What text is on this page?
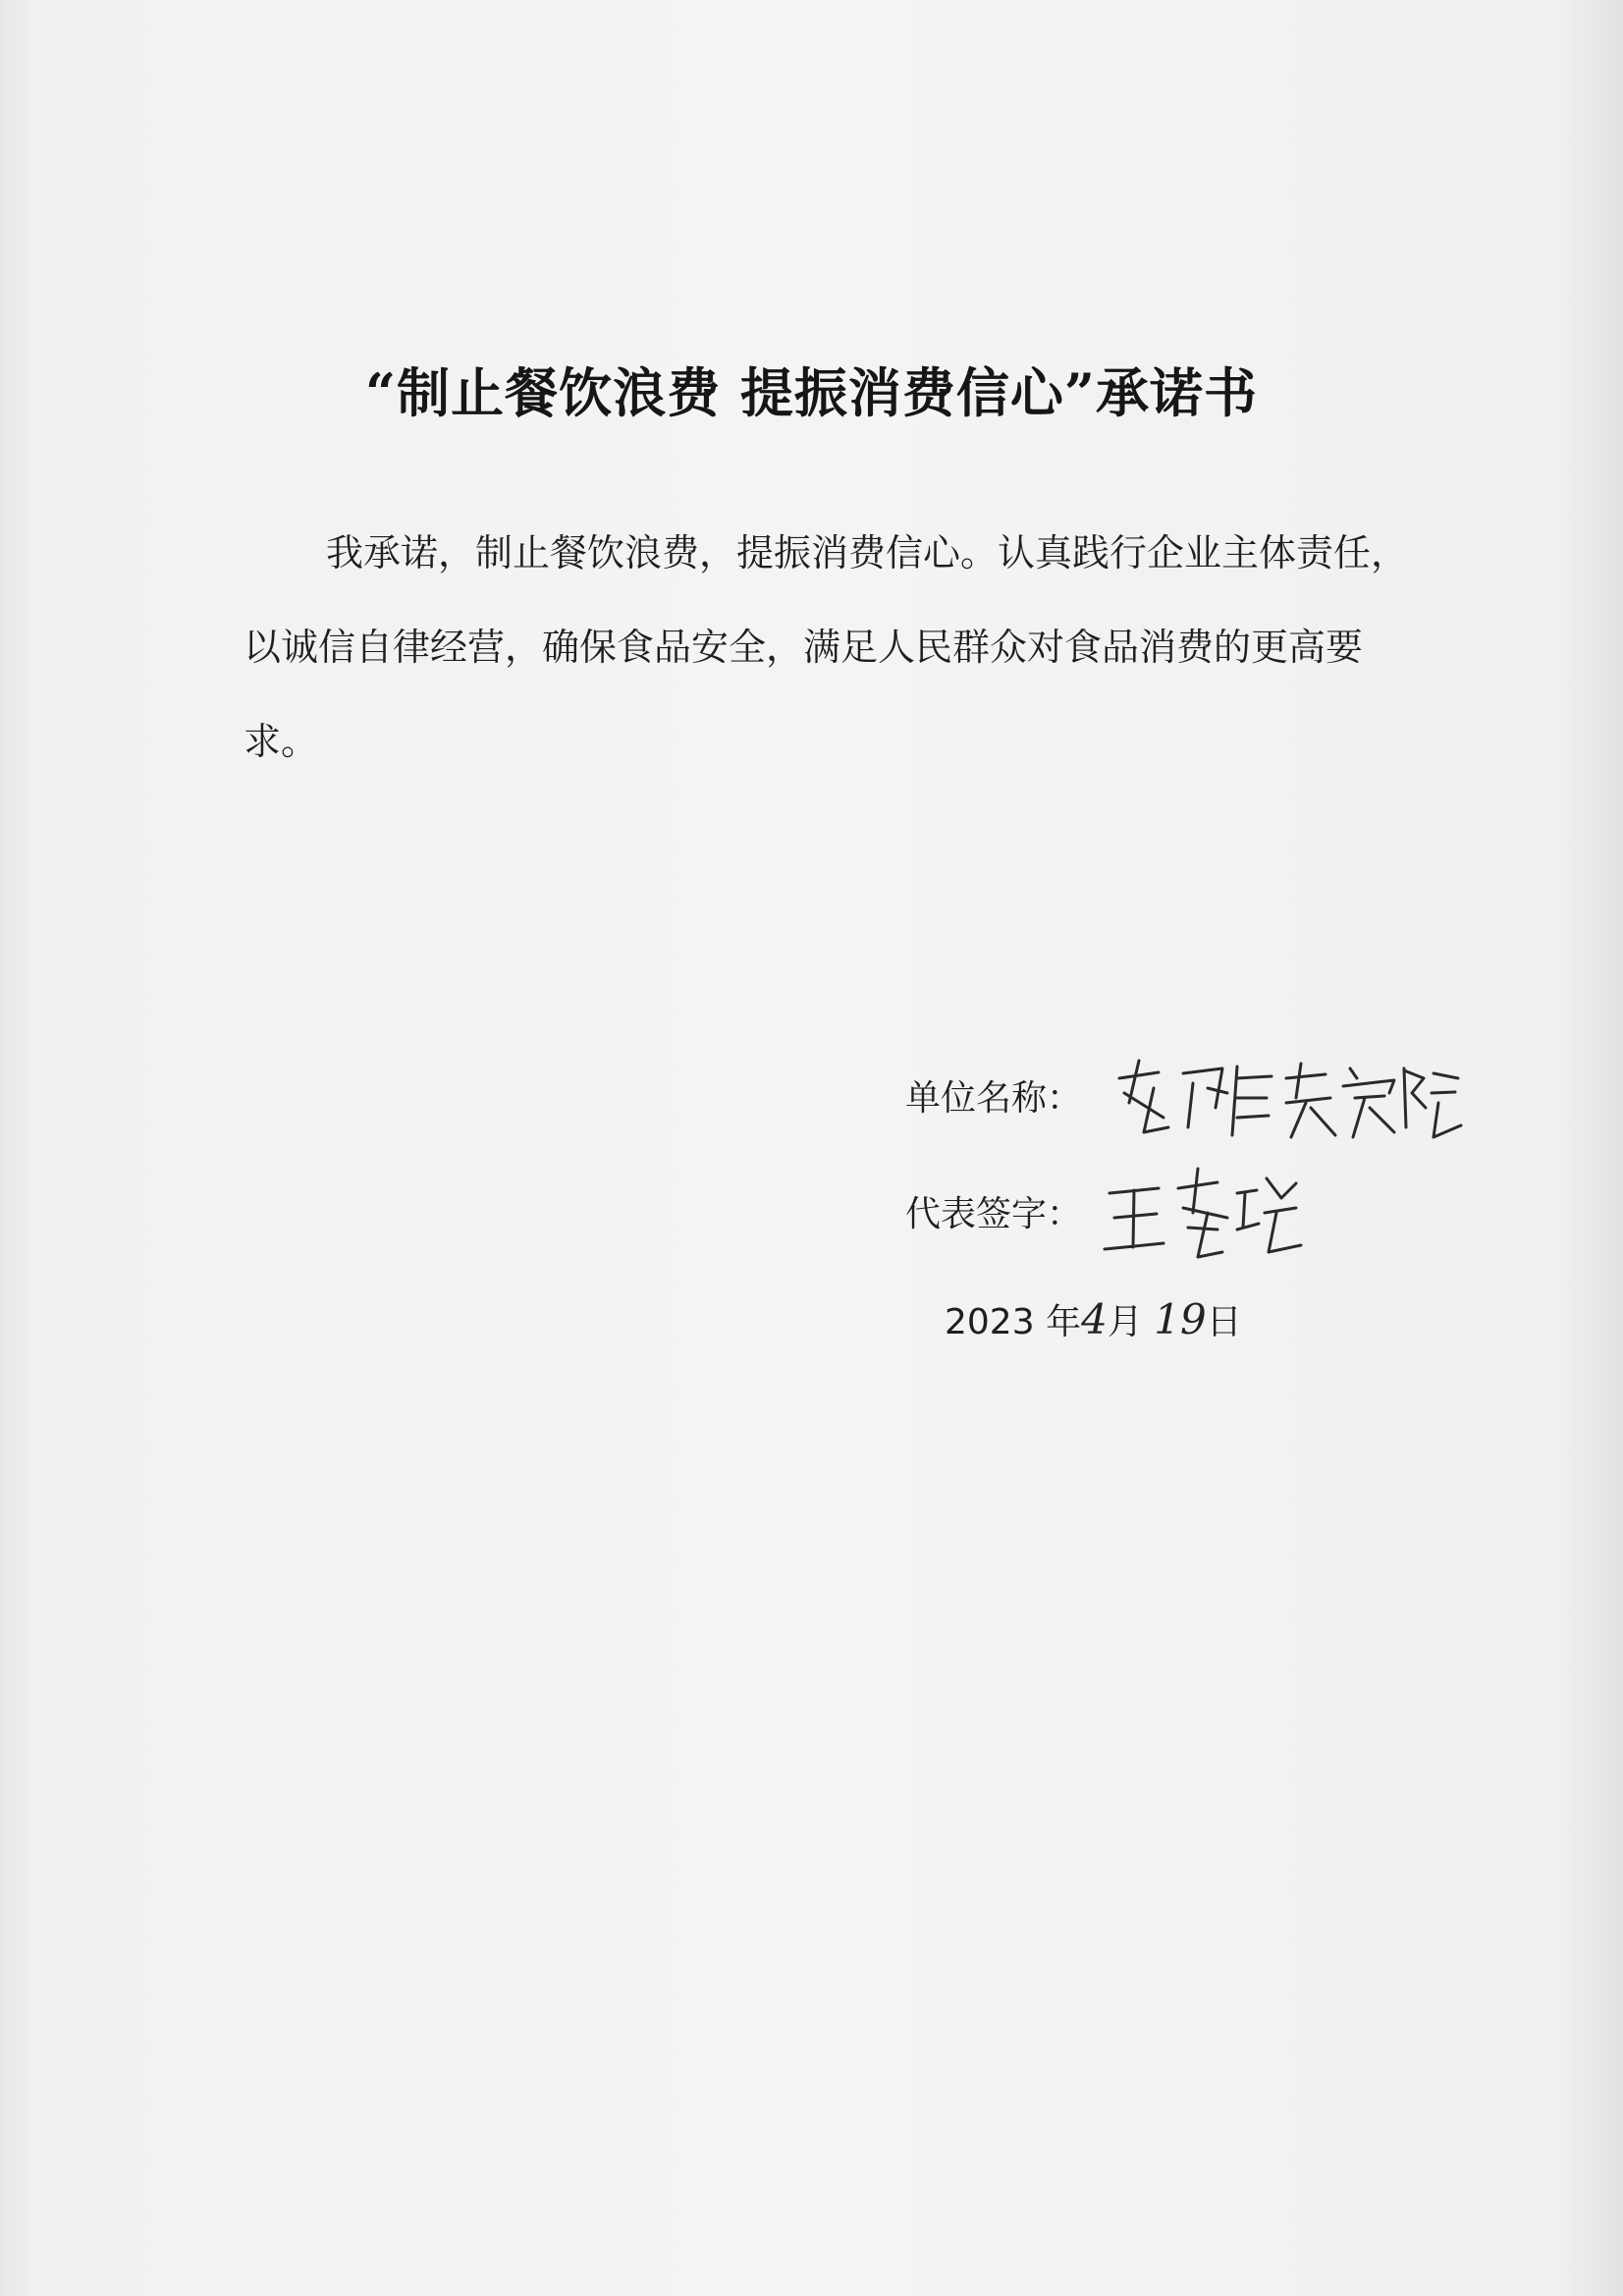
“制止餐饮浪费 提振消费信心”承诺书

我承诺，制止餐饮浪费，提振消费信心。认真践行企业主体责任，以诚信自律经营，确保食品安全，满足人民群众对食品消费的更高要求。

单位名称：
代表签字：
2023 年4月 19日
